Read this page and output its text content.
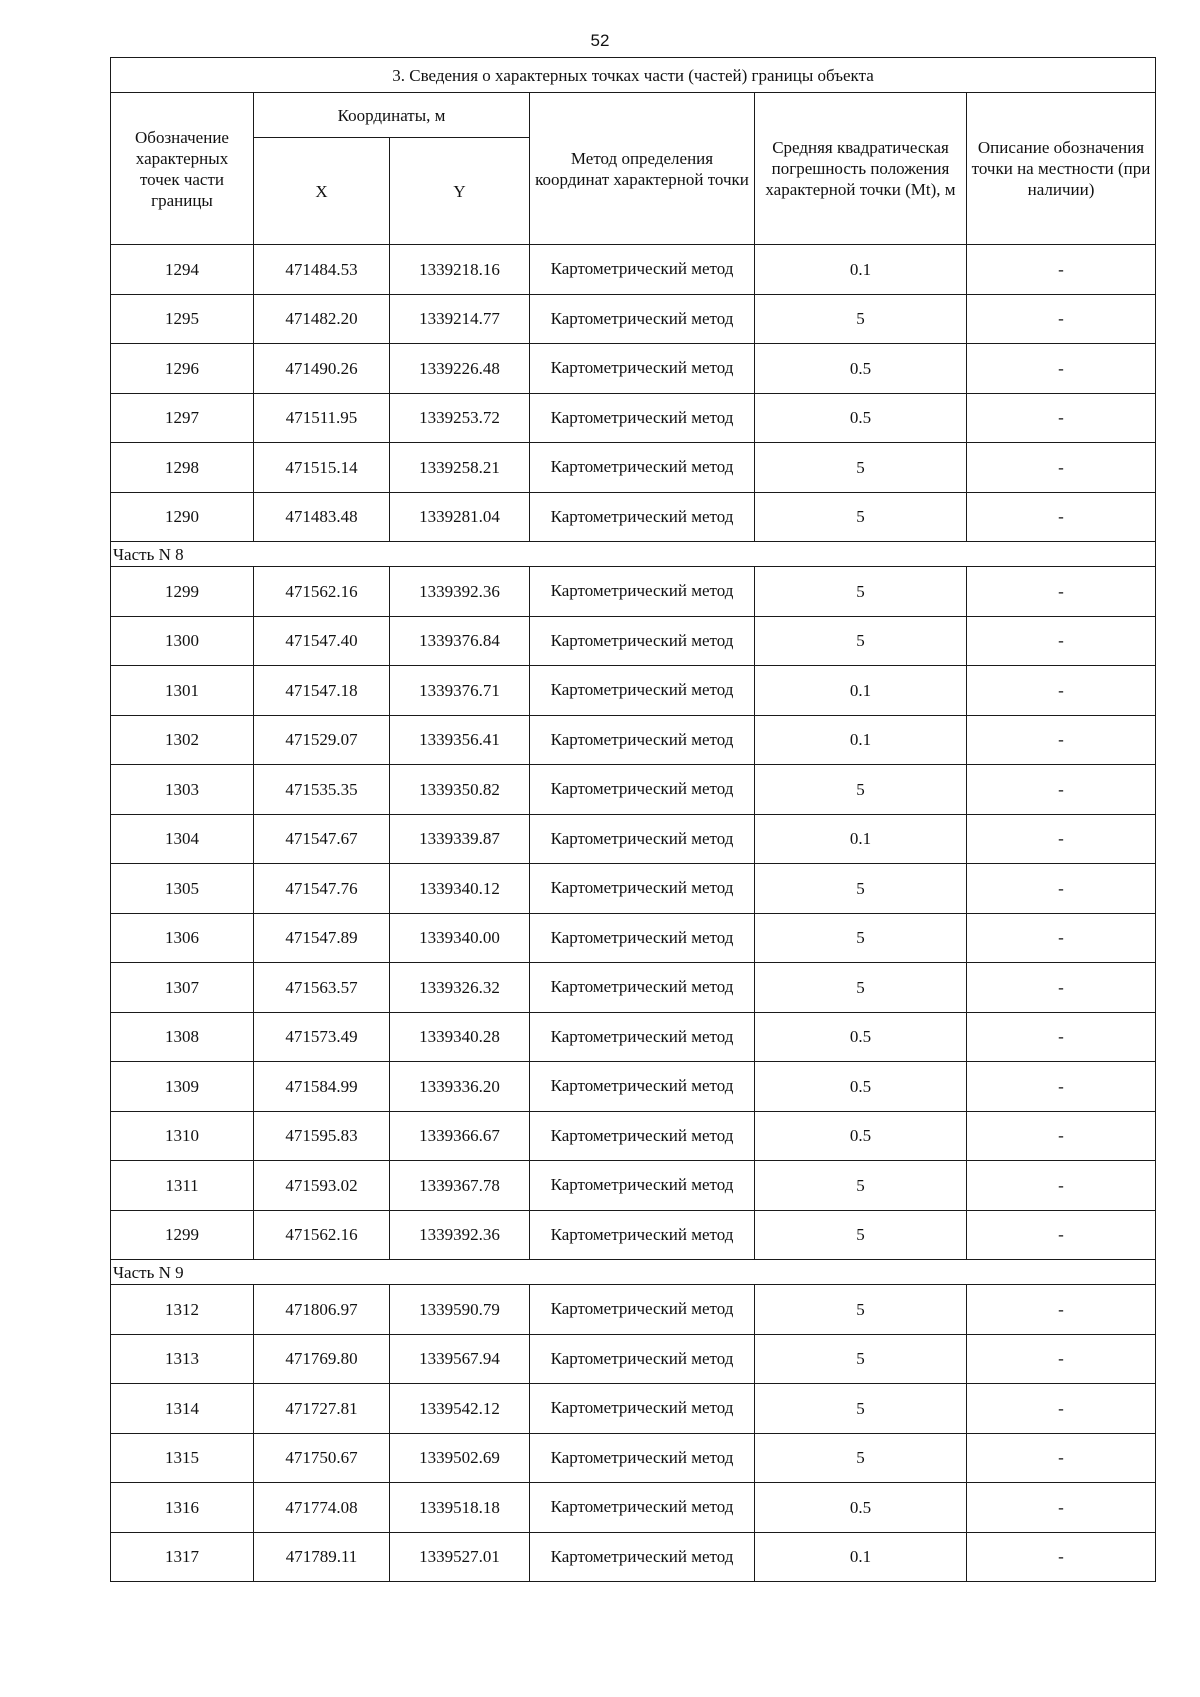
52
3. Сведения о характерных точках части (частей) границы объекта					
Обозначение характерных точек части границы	Координаты, м		Метод определения координат характерной точки	Средняя квадратическая погрешность положения характерной точки (Mt), м	Описание обозначения точки на местности (при наличии)
	X	Y			
1294	471484.53	1339218.16	Картометрический метод	0.1	-
1295	471482.20	1339214.77	Картометрический метод	5	-
1296	471490.26	1339226.48	Картометрический метод	0.5	-
1297	471511.95	1339253.72	Картометрический метод	0.5	-
1298	471515.14	1339258.21	Картометрический метод	5	-
1290	471483.48	1339281.04	Картометрический метод	5	-
Часть N 8					
1299	471562.16	1339392.36	Картометрический метод	5	-
1300	471547.40	1339376.84	Картометрический метод	5	-
1301	471547.18	1339376.71	Картометрический метод	0.1	-
1302	471529.07	1339356.41	Картометрический метод	0.1	-
1303	471535.35	1339350.82	Картометрический метод	5	-
1304	471547.67	1339339.87	Картометрический метод	0.1	-
1305	471547.76	1339340.12	Картометрический метод	5	-
1306	471547.89	1339340.00	Картометрический метод	5	-
1307	471563.57	1339326.32	Картометрический метод	5	-
1308	471573.49	1339340.28	Картометрический метод	0.5	-
1309	471584.99	1339336.20	Картометрический метод	0.5	-
1310	471595.83	1339366.67	Картометрический метод	0.5	-
1311	471593.02	1339367.78	Картометрический метод	5	-
1299	471562.16	1339392.36	Картометрический метод	5	-
Часть N 9					
1312	471806.97	1339590.79	Картометрический метод	5	-
1313	471769.80	1339567.94	Картометрический метод	5	-
1314	471727.81	1339542.12	Картометрический метод	5	-
1315	471750.67	1339502.69	Картометрический метод	5	-
1316	471774.08	1339518.18	Картометрический метод	0.5	-
1317	471789.11	1339527.01	Картометрический метод	0.1	-
